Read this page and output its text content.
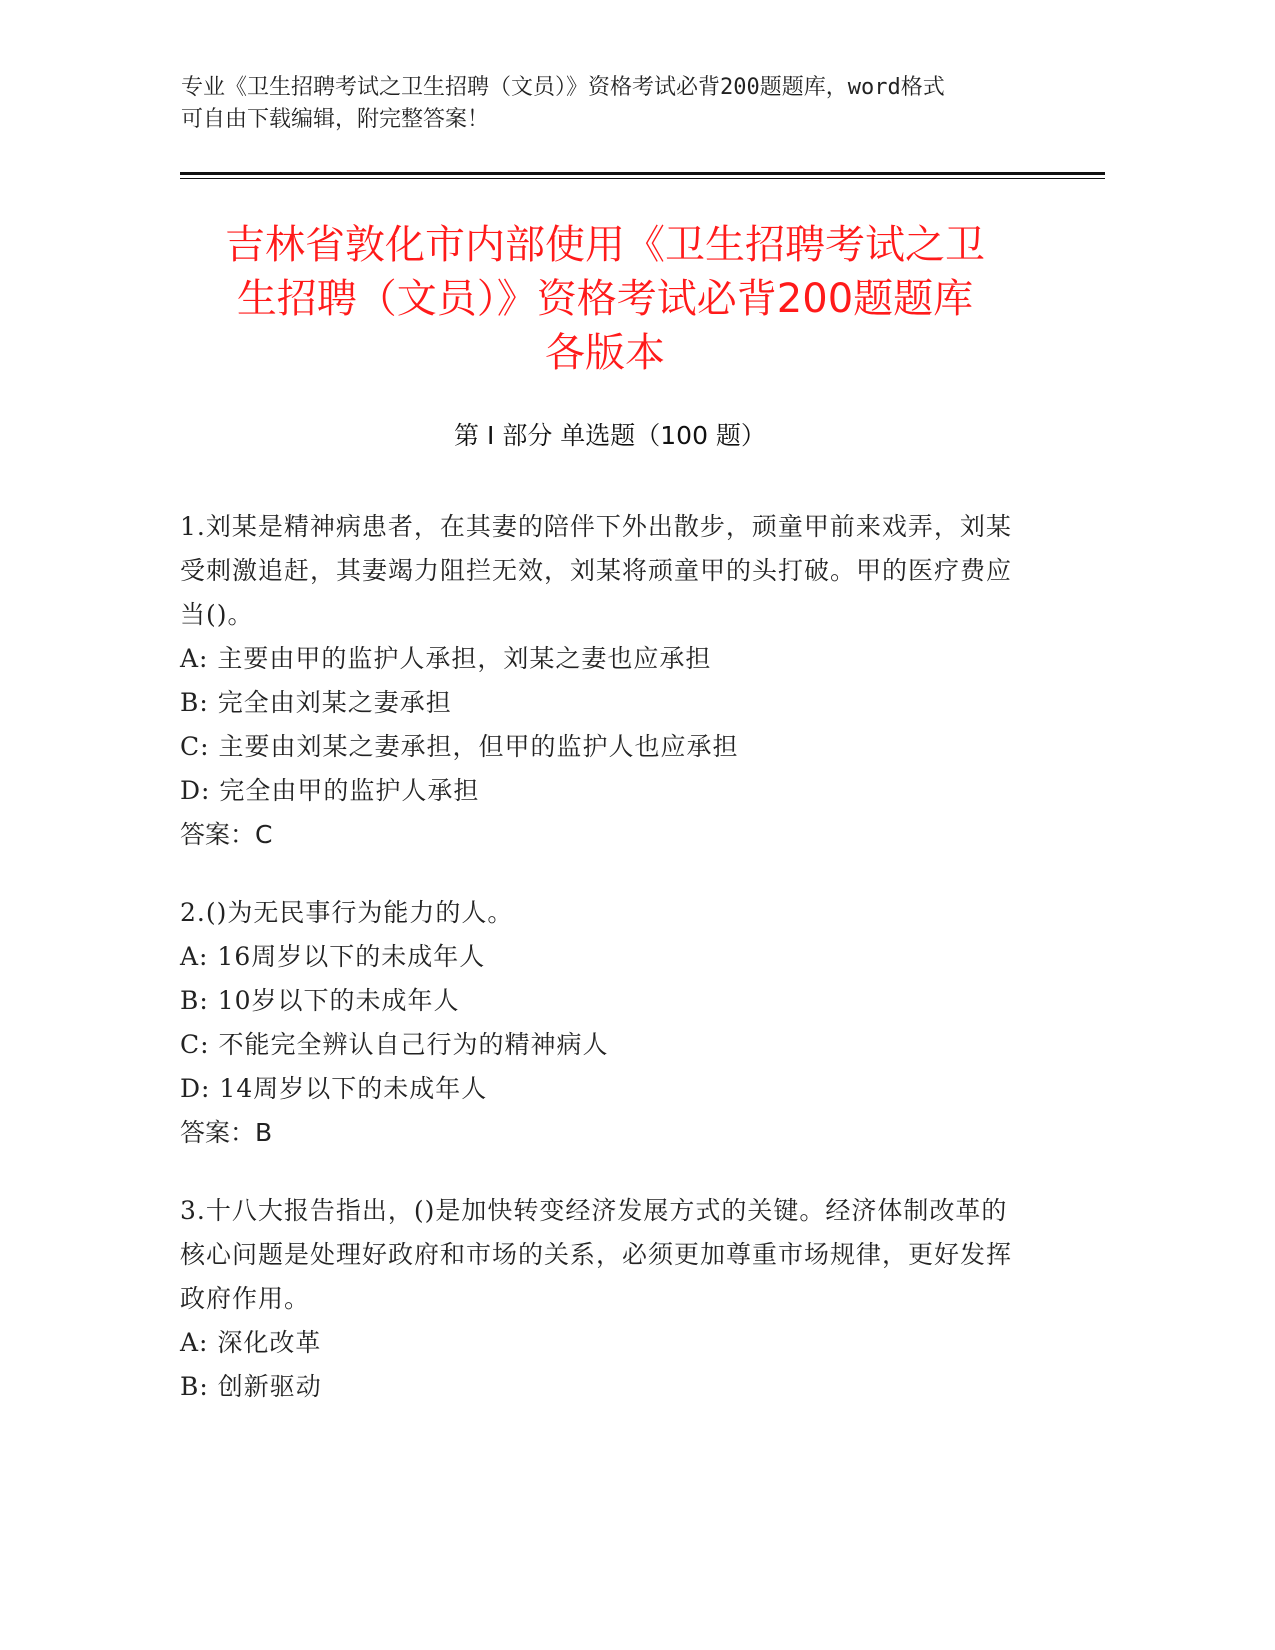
专业《卫生招聘考试之卫生招聘（文员）》资格考试必背200题题库，word格式
可自由下载编辑，附完整答案！
吉林省敦化市内部使用《卫生招聘考试之卫
生招聘（文员）》资格考试必背200题题库
各版本
第 I 部分 单选题（100 题）
1.刘某是精神病患者，在其妻的陪伴下外出散步，顽童甲前来戏弄，刘某受刺激追赶，其妻竭力阻拦无效，刘某将顽童甲的头打破。甲的医疗费应当()。
A: 主要由甲的监护人承担，刘某之妻也应承担
B: 完全由刘某之妻承担
C: 主要由刘某之妻承担，但甲的监护人也应承担
D: 完全由甲的监护人承担
答案：C
2.()为无民事行为能力的人。
A: 16周岁以下的未成年人
B: 10岁以下的未成年人
C: 不能完全辨认自己行为的精神病人
D: 14周岁以下的未成年人
答案：B
3.十八大报告指出，()是加快转变经济发展方式的关键。经济体制改革的核心问题是处理好政府和市场的关系，必须更加尊重市场规律，更好发挥政府作用。
A: 深化改革
B: 创新驱动
